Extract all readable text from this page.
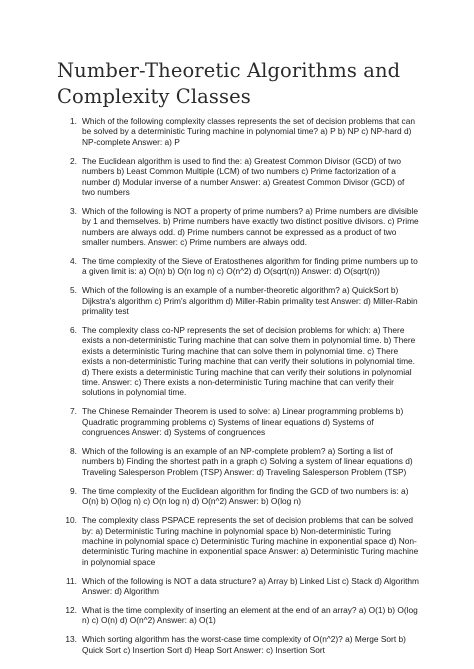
Number-Theoretic Algorithms and Complexity Classes
1. Which of the following complexity classes represents the set of decision problems that can be solved by a deterministic Turing machine in polynomial time? a) P b) NP c) NP-hard d) NP-complete Answer: a) P
2. The Euclidean algorithm is used to find the: a) Greatest Common Divisor (GCD) of two numbers b) Least Common Multiple (LCM) of two numbers c) Prime factorization of a number d) Modular inverse of a number Answer: a) Greatest Common Divisor (GCD) of two numbers
3. Which of the following is NOT a property of prime numbers? a) Prime numbers are divisible by 1 and themselves. b) Prime numbers have exactly two distinct positive divisors. c) Prime numbers are always odd. d) Prime numbers cannot be expressed as a product of two smaller numbers. Answer: c) Prime numbers are always odd.
4. The time complexity of the Sieve of Eratosthenes algorithm for finding prime numbers up to a given limit is: a) O(n) b) O(n log n) c) O(n^2) d) O(sqrt(n)) Answer: d) O(sqrt(n))
5. Which of the following is an example of a number-theoretic algorithm? a) QuickSort b) Dijkstra's algorithm c) Prim's algorithm d) Miller-Rabin primality test Answer: d) Miller-Rabin primality test
6. The complexity class co-NP represents the set of decision problems for which: a) There exists a non-deterministic Turing machine that can solve them in polynomial time. b) There exists a deterministic Turing machine that can solve them in polynomial time. c) There exists a non-deterministic Turing machine that can verify their solutions in polynomial time. d) There exists a deterministic Turing machine that can verify their solutions in polynomial time. Answer: c) There exists a non-deterministic Turing machine that can verify their solutions in polynomial time.
7. The Chinese Remainder Theorem is used to solve: a) Linear programming problems b) Quadratic programming problems c) Systems of linear equations d) Systems of congruences Answer: d) Systems of congruences
8. Which of the following is an example of an NP-complete problem? a) Sorting a list of numbers b) Finding the shortest path in a graph c) Solving a system of linear equations d) Traveling Salesperson Problem (TSP) Answer: d) Traveling Salesperson Problem (TSP)
9. The time complexity of the Euclidean algorithm for finding the GCD of two numbers is: a) O(n) b) O(log n) c) O(n log n) d) O(n^2) Answer: b) O(log n)
10. The complexity class PSPACE represents the set of decision problems that can be solved by: a) Deterministic Turing machine in polynomial space b) Non-deterministic Turing machine in polynomial space c) Deterministic Turing machine in exponential space d) Non-deterministic Turing machine in exponential space Answer: a) Deterministic Turing machine in polynomial space
11. Which of the following is NOT a data structure? a) Array b) Linked List c) Stack d) Algorithm Answer: d) Algorithm
12. What is the time complexity of inserting an element at the end of an array? a) O(1) b) O(log n) c) O(n) d) O(n^2) Answer: a) O(1)
13. Which sorting algorithm has the worst-case time complexity of O(n^2)? a) Merge Sort b) Quick Sort c) Insertion Sort d) Heap Sort Answer: c) Insertion Sort
